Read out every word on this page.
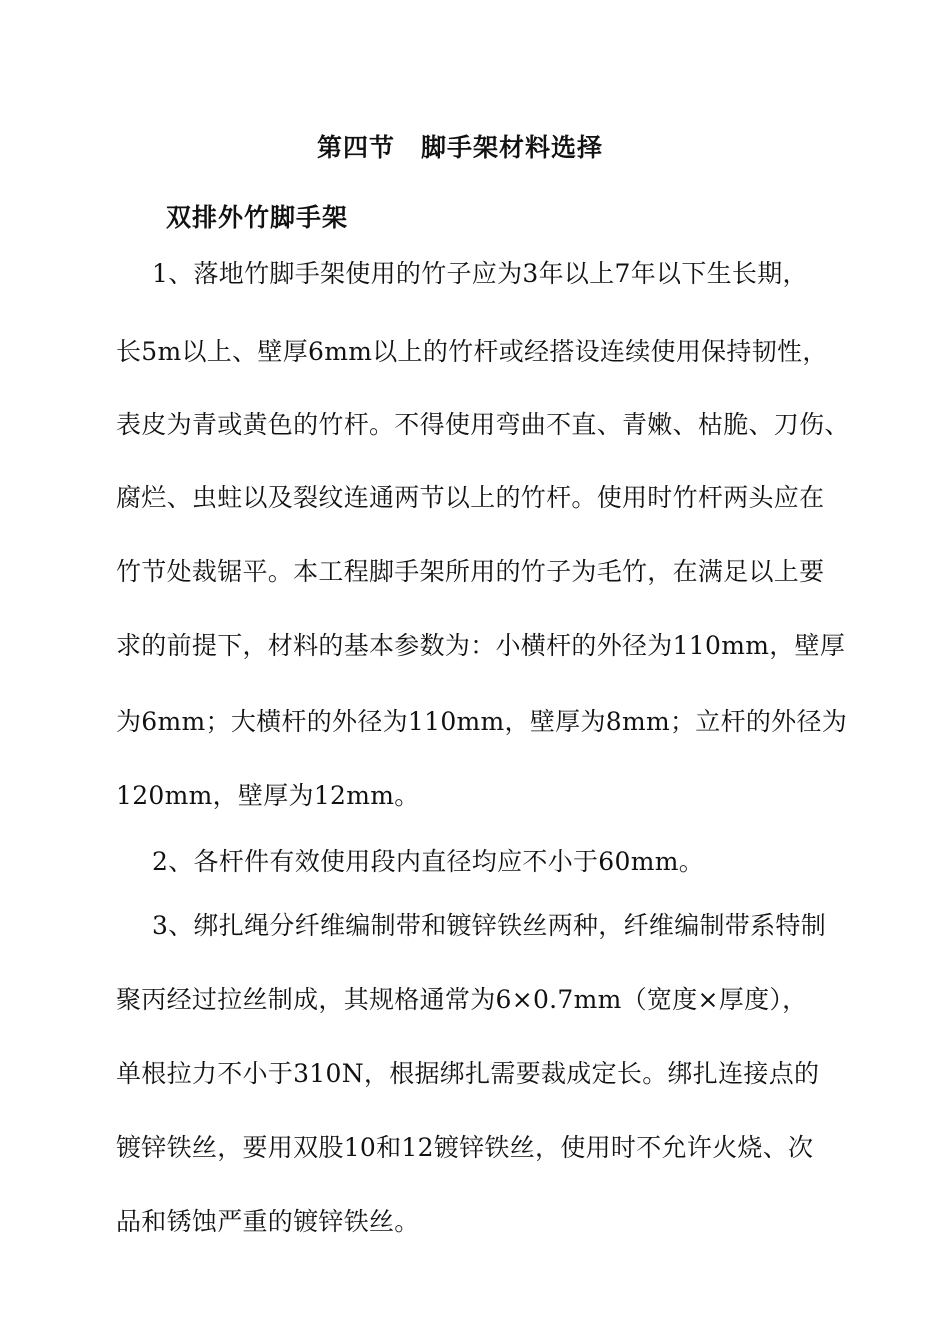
第四节　脚手架材料选择
双排外竹脚手架
1、落地竹脚手架使用的竹子应为3年以上7年以下生长期，
长5m以上、壁厚6mm以上的竹杆或经搭设连续使用保持韧性，
表皮为青或黄色的竹杆。不得使用弯曲不直、青嫩、枯脆、刀伤、
腐烂、虫蛀以及裂纹连通两节以上的竹杆。使用时竹杆两头应在
竹节处裁锯平。本工程脚手架所用的竹子为毛竹，在满足以上要
求的前提下，材料的基本参数为：小横杆的外径为110mm，壁厚
为6mm；大横杆的外径为110mm，壁厚为8mm；立杆的外径为
120mm，壁厚为12mm。
2、各杆件有效使用段内直径均应不小于60mm。
3、绑扎绳分纤维编制带和镀锌铁丝两种，纤维编制带系特制
聚丙经过拉丝制成，其规格通常为6×0.7mm（宽度×厚度），
单根拉力不小于310N，根据绑扎需要裁成定长。绑扎连接点的
镀锌铁丝，要用双股10和12镀锌铁丝，使用时不允许火烧、次
品和锈蚀严重的镀锌铁丝。
